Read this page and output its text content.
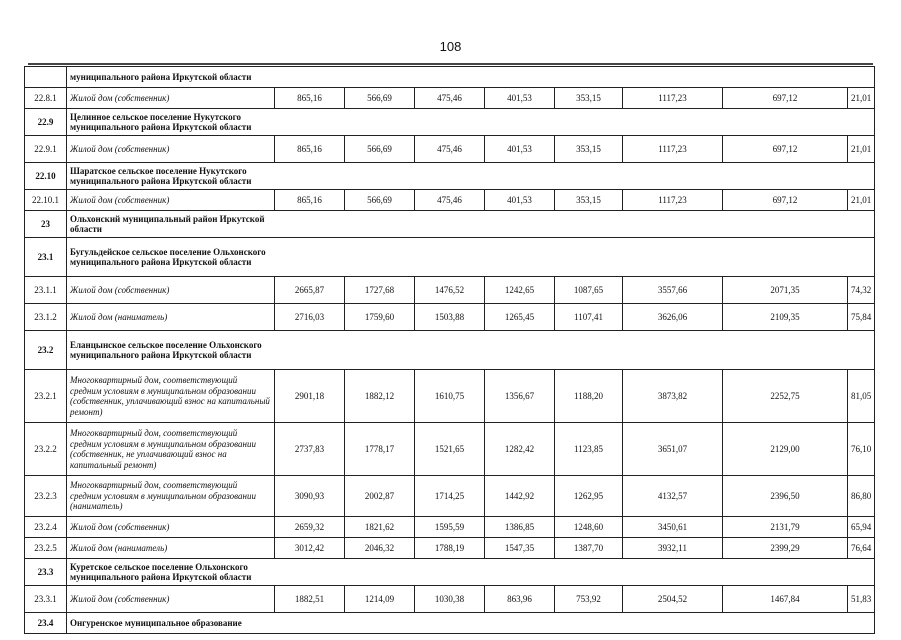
108

	муниципального района Иркутской области								

22.8.1	Жилой дом (собственник)	865,16	566,69	475,46	401,53	353,15	1117,23	697,12	21,01
22.9	Целинное сельское поселение Нукутского муниципального района Иркутской области								

22.9.1	Жилой дом (собственник)	865,16	566,69	475,46	401,53	353,15	1117,23	697,12	21,01
22.10	Шаратское сельское поселение Нукутского муниципального района Иркутской области								

22.10.1	Жилой дом (собственник)	865,16	566,69	475,46	401,53	353,15	1117,23	697,12	21,01
23	Ольхонский муниципальный район Иркутской области								

23.1	Бугульдейское сельское поселение Ольхонского муниципального района Иркутской области								

23.1.1	Жилой дом (собственник)	2665,87	1727,68	1476,52	1242,65	1087,65	3557,66	2071,35	74,32
23.1.2	Жилой дом (наниматель)	2716,03	1759,60	1503,88	1265,45	1107,41	3626,06	2109,35	75,84
23.2	Еланцынское сельское поселение Ольхонского муниципального района Иркутской области								

23.2.1	Многоквартирный дом, соответствующий средним условиям в муниципальном образовании (собственник, уплачивающий взнос на капитальный ремонт)	2901,18	1882,12	1610,75	1356,67	1188,20	3873,82	2252,75	81,05
23.2.2	Многоквартирный дом, соответствующий средним условиям в муниципальном образовании (собственник, не уплачивающий взнос на капитальный ремонт)	2737,83	1778,17	1521,65	1282,42	1123,85	3651,07	2129,00	76,10
23.2.3	Многоквартирный дом, соответствующий средним условиям в муниципальном образовании (наниматель)	3090,93	2002,87	1714,25	1442,92	1262,95	4132,57	2396,50	86,80
23.2.4	Жилой дом (собственник)	2659,32	1821,62	1595,59	1386,85	1248,60	3450,61	2131,79	65,94
23.2.5	Жилой дом (наниматель)	3012,42	2046,32	1788,19	1547,35	1387,70	3932,11	2399,29	76,64
23.3	Куретское сельское поселение Ольхонского муниципального района Иркутской области								

23.3.1	Жилой дом (собственник)	1882,51	1214,09	1030,38	863,96	753,92	2504,52	1467,84	51,83
23.4	Онгуренское муниципальное образование								
